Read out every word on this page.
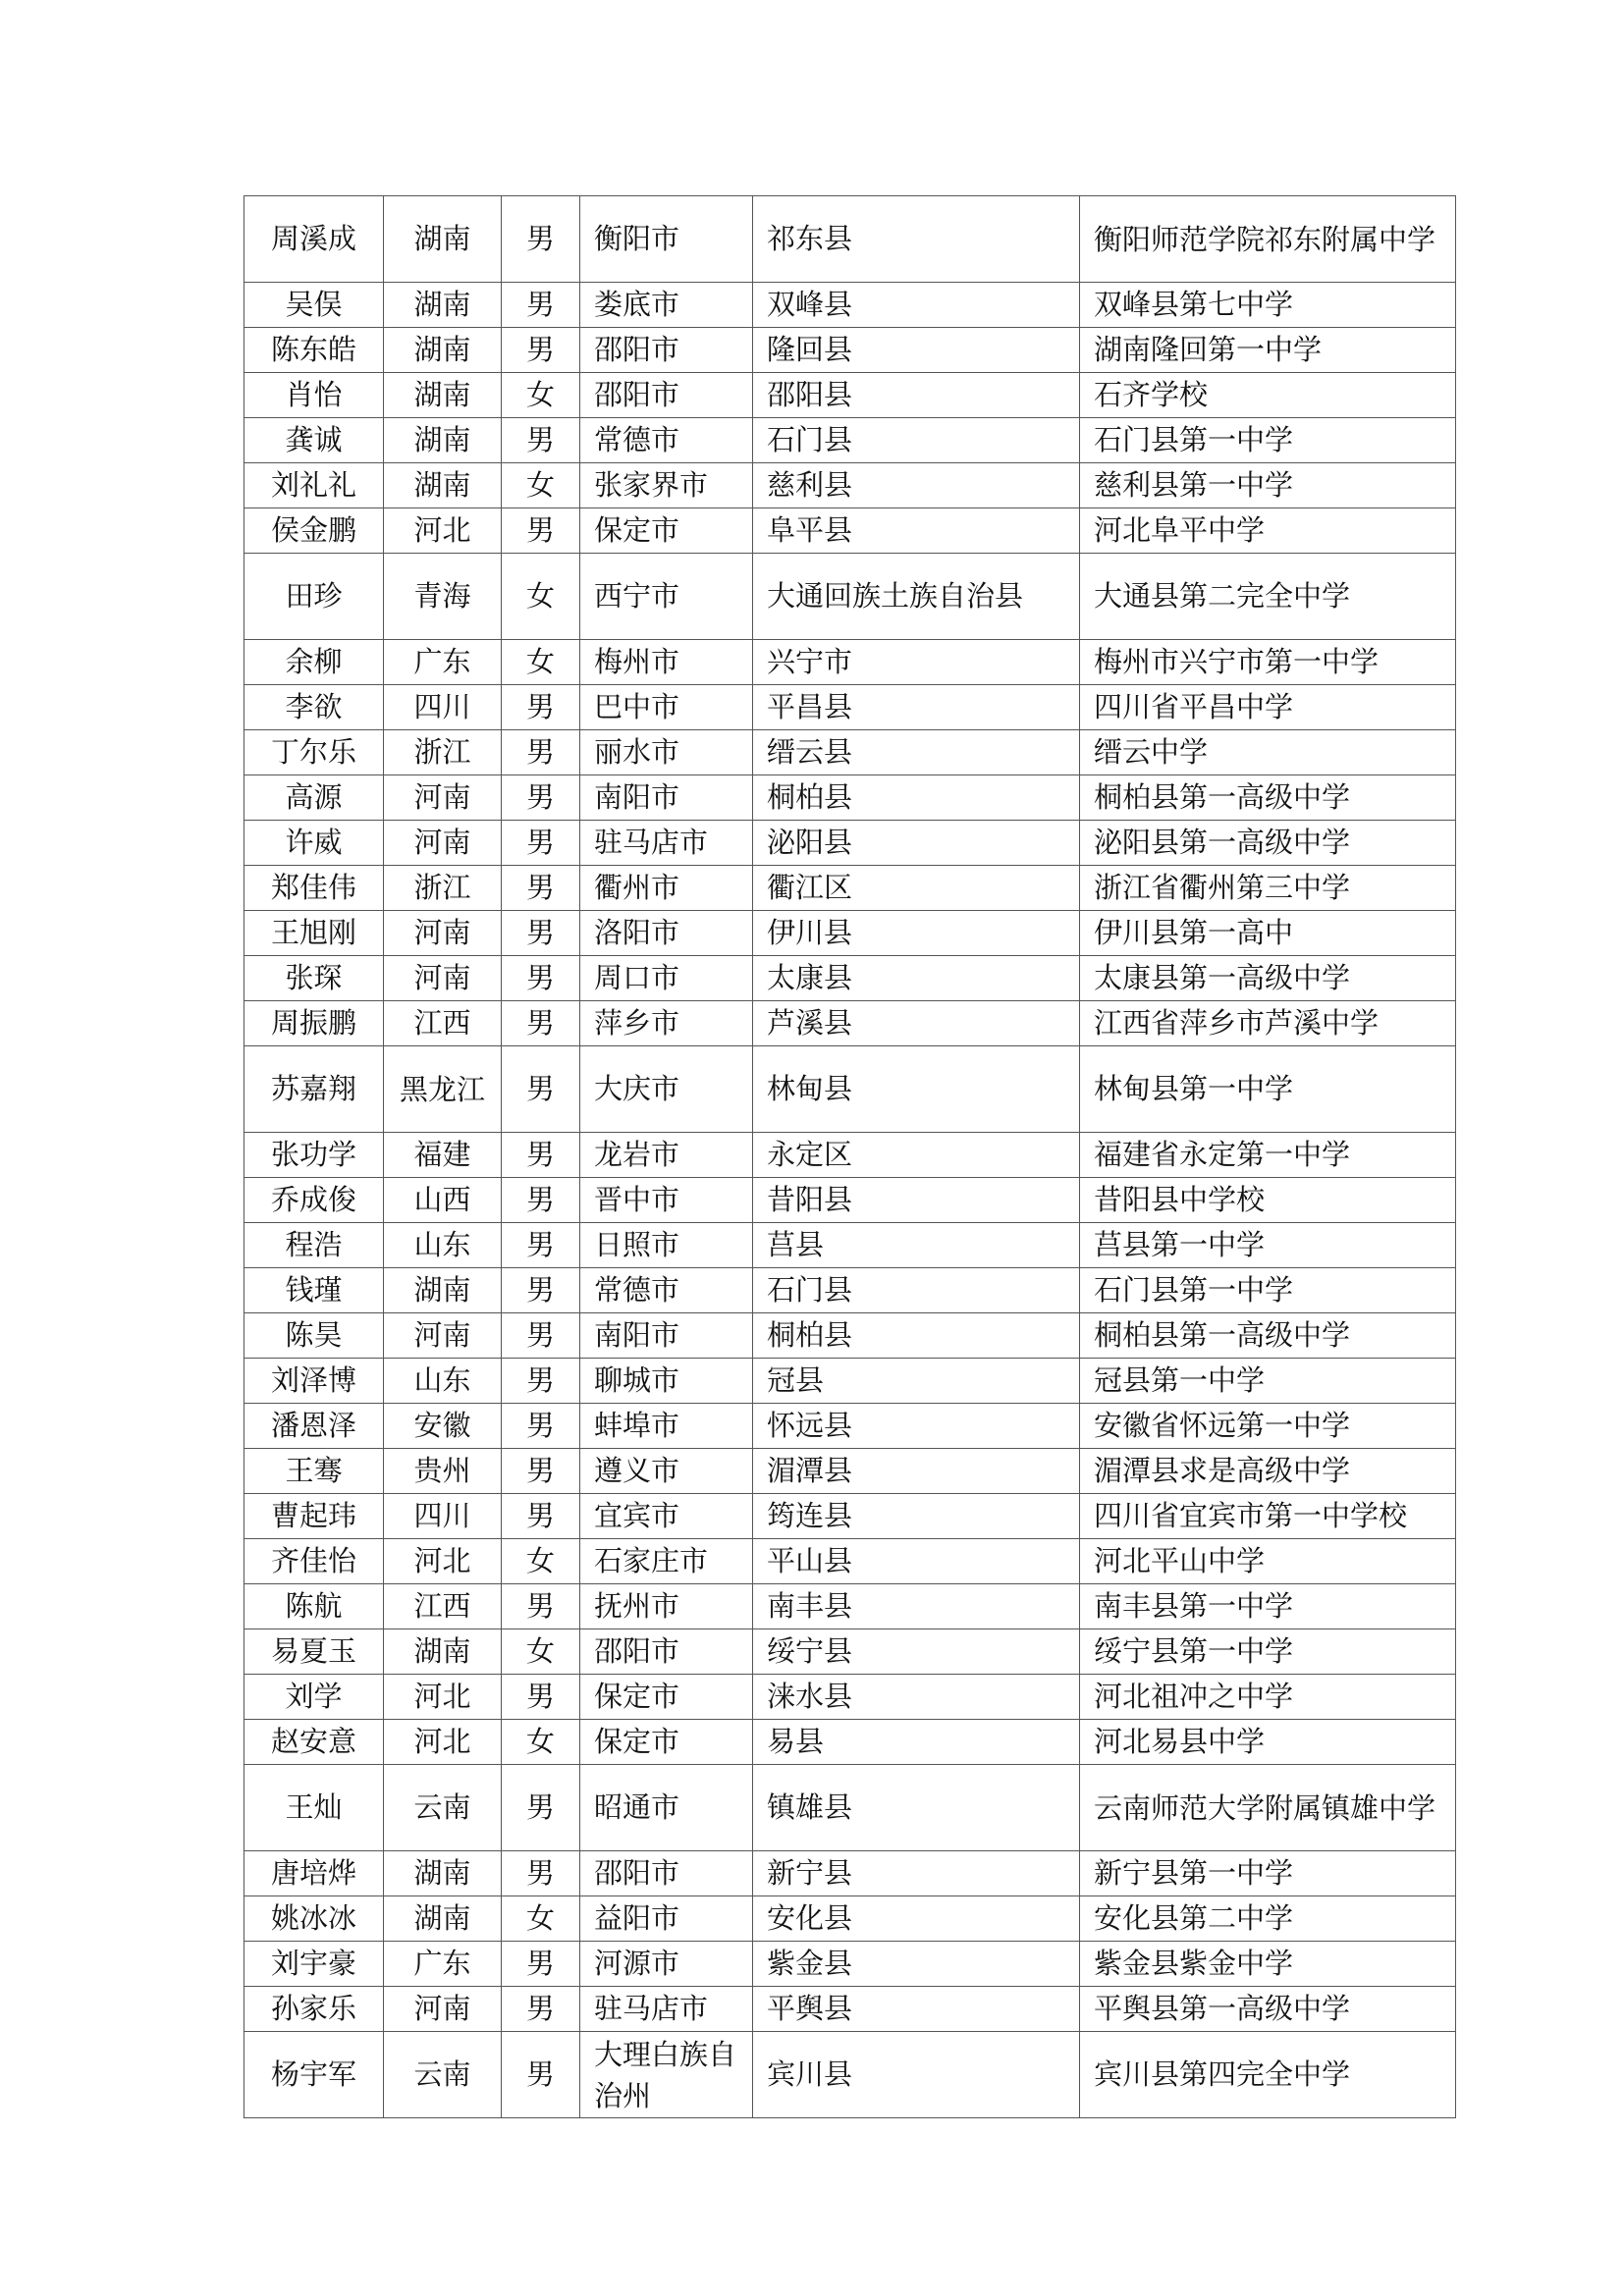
周溪成	湖南	男	衡阳市	祁东县	衡阳师范学院祁东附属中学
吴俣	湖南	男	娄底市	双峰县	双峰县第七中学
陈东皓	湖南	男	邵阳市	隆回县	湖南隆回第一中学
肖怡	湖南	女	邵阳市	邵阳县	石齐学校
龚诚	湖南	男	常德市	石门县	石门县第一中学
刘礼礼	湖南	女	张家界市	慈利县	慈利县第一中学
侯金鹏	河北	男	保定市	阜平县	河北阜平中学
田珍	青海	女	西宁市	大通回族土族自治县	大通县第二完全中学
余柳	广东	女	梅州市	兴宁市	梅州市兴宁市第一中学
李欲	四川	男	巴中市	平昌县	四川省平昌中学
丁尔乐	浙江	男	丽水市	缙云县	缙云中学
高源	河南	男	南阳市	桐柏县	桐柏县第一高级中学
许威	河南	男	驻马店市	泌阳县	泌阳县第一高级中学
郑佳伟	浙江	男	衢州市	衢江区	浙江省衢州第三中学
王旭刚	河南	男	洛阳市	伊川县	伊川县第一高中
张琛	河南	男	周口市	太康县	太康县第一高级中学
周振鹏	江西	男	萍乡市	芦溪县	江西省萍乡市芦溪中学
苏嘉翔	黑龙江	男	大庆市	林甸县	林甸县第一中学
张功学	福建	男	龙岩市	永定区	福建省永定第一中学
乔成俊	山西	男	晋中市	昔阳县	昔阳县中学校
程浩	山东	男	日照市	莒县	莒县第一中学
钱瑾	湖南	男	常德市	石门县	石门县第一中学
陈昊	河南	男	南阳市	桐柏县	桐柏县第一高级中学
刘泽博	山东	男	聊城市	冠县	冠县第一中学
潘恩泽	安徽	男	蚌埠市	怀远县	安徽省怀远第一中学
王骞	贵州	男	遵义市	湄潭县	湄潭县求是高级中学
曹起玮	四川	男	宜宾市	筠连县	四川省宜宾市第一中学校
齐佳怡	河北	女	石家庄市	平山县	河北平山中学
陈航	江西	男	抚州市	南丰县	南丰县第一中学
易夏玉	湖南	女	邵阳市	绥宁县	绥宁县第一中学
刘学	河北	男	保定市	涞水县	河北祖冲之中学
赵安意	河北	女	保定市	易县	河北易县中学
王灿	云南	男	昭通市	镇雄县	云南师范大学附属镇雄中学
唐培烨	湖南	男	邵阳市	新宁县	新宁县第一中学
姚冰冰	湖南	女	益阳市	安化县	安化县第二中学
刘宇豪	广东	男	河源市	紫金县	紫金县紫金中学
孙家乐	河南	男	驻马店市	平舆县	平舆县第一高级中学
杨宇军	云南	男	大理白族自治州	宾川县	宾川县第四完全中学
